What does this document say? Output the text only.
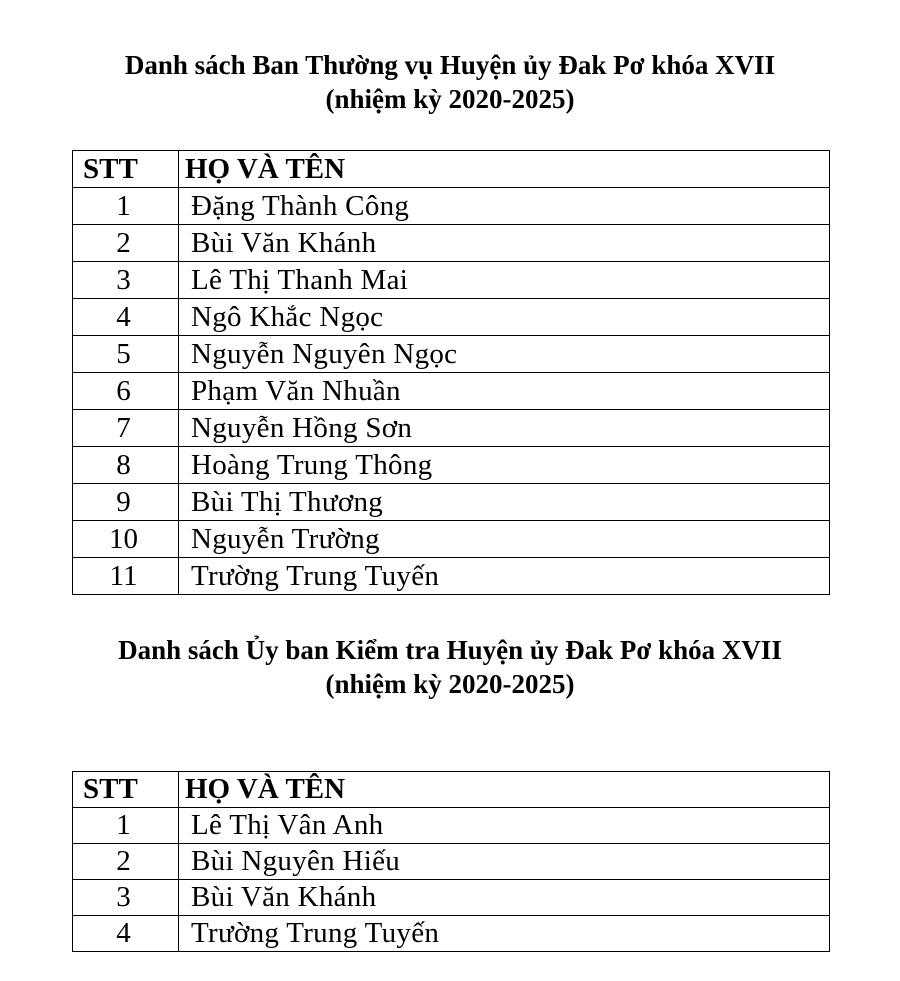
Danh sách Ban Thường vụ Huyện ủy Đak Pơ khóa XVII
(nhiệm kỳ 2020-2025)
STT	HỌ VÀ TÊN
1	Đặng Thành Công
2	Bùi Văn Khánh
3	Lê Thị Thanh Mai
4	Ngô Khắc Ngọc
5	Nguyễn Nguyên Ngọc
6	Phạm Văn Nhuần
7	Nguyễn Hồng Sơn
8	Hoàng Trung Thông
9	Bùi Thị Thương
10	Nguyễn Trường
11	Trường Trung Tuyến
Danh sách Ủy ban Kiểm tra Huyện ủy Đak Pơ khóa XVII
(nhiệm kỳ 2020-2025)
STT	HỌ VÀ TÊN
1	Lê Thị Vân Anh
2	Bùi Nguyên Hiếu
3	Bùi Văn Khánh
4	Trường Trung Tuyến
